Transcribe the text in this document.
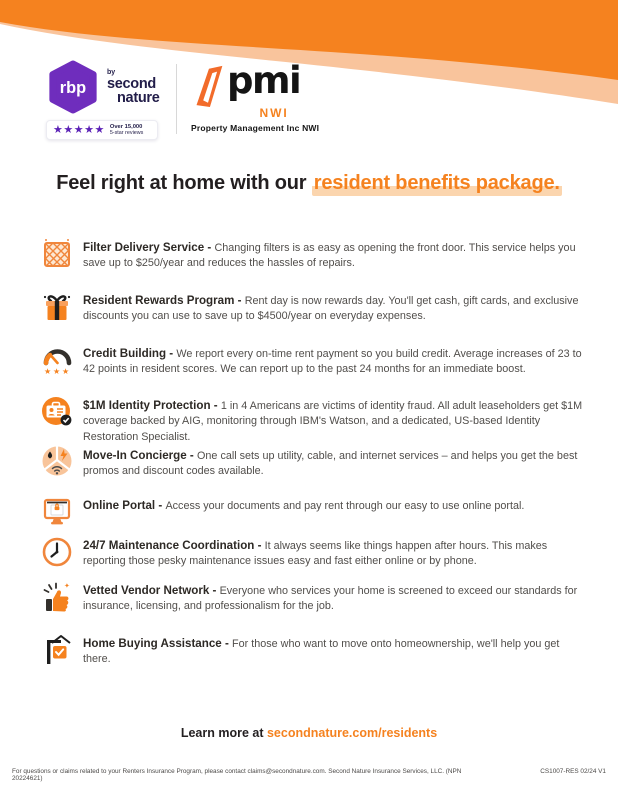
rbp
by
second
nature
★★★★★ Over 15,000
5-star reviews
pmi
NWI
Property Management Inc NWI
Feel right at home with our resident benefits package.
Filter Delivery Service - Changing filters is as easy as opening the front door. This service helps you save up to $250/year and reduces the hassles of repairs.
Resident Rewards Program - Rent day is now rewards day. You'll get cash, gift cards, and exclusive discounts you can use to save up to $4500/year on everyday expenses.
★ ★ ★
Credit Building - We report every on-time rent payment so you build credit. Average increases of 23 to 42 points in resident scores. We can report up to the past 24 months for an immediate boost.
$1M Identity Protection - 1 in 4 Americans are victims of identity fraud. All adult leaseholders get $1M coverage backed by AIG, monitoring through IBM's Watson, and a dedicated, US-based Identity Restoration Specialist.
Move-In Concierge - One call sets up utility, cable, and internet services – and helps you get the best promos and discount codes available.
Online Portal - Access your documents and pay rent through our easy to use online portal.
24/7 Maintenance Coordination - It always seems like things happen after hours. This makes reporting those pesky maintenance issues easy and fast either online or by phone.
✦ Vetted Vendor Network - Everyone who services your home is screened to exceed our standards for insurance, licensing, and professionalism for the job.
Home Buying Assistance - For those who want to move onto homeownership, we'll help you get there.
Learn more at secondnature.com/residents
For questions or claims related to your Renters Insurance Program, please contact claims@secondnature.com. Second Nature Insurance Services, LLC. (NPN 20224621)
CS1007-RES 02/24 V1
